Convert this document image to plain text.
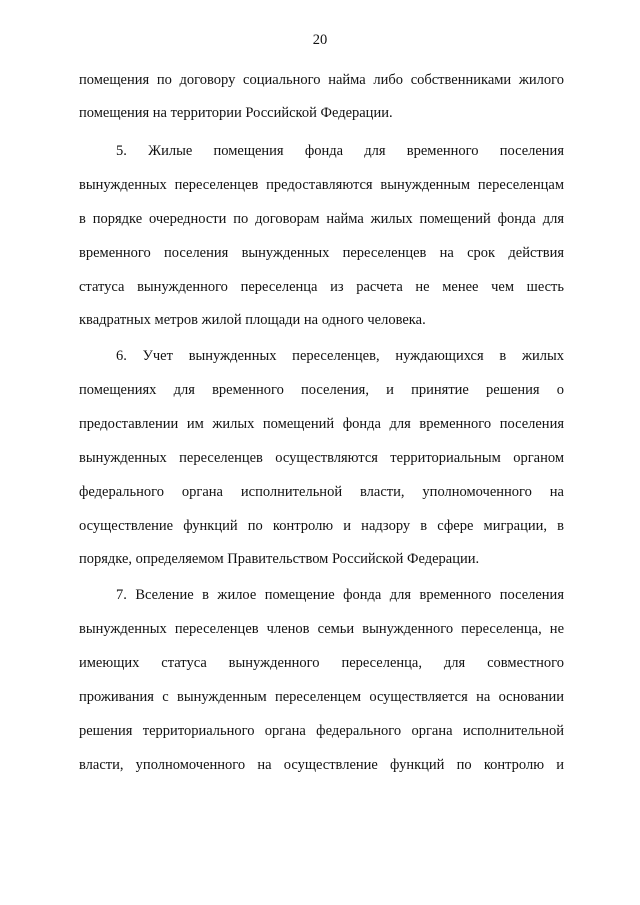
20
помещения по договору социального найма либо собственниками жилого
помещения на территории Российской Федерации.
5. Жилые помещения фонда для временного поселения
вынужденных переселенцев предоставляются вынужденным переселенцам
в порядке очередности по договорам найма жилых помещений фонда для
временного поселения вынужденных переселенцев на срок действия
статуса вынужденного переселенца из расчета не менее чем шесть
квадратных метров жилой площади на одного человека.
6. Учет вынужденных переселенцев, нуждающихся в жилых
помещениях для временного поселения, и принятие решения о
предоставлении им жилых помещений фонда для временного поселения
вынужденных переселенцев осуществляются территориальным органом
федерального органа исполнительной власти, уполномоченного на
осуществление функций по контролю и надзору в сфере миграции, в
порядке, определяемом Правительством Российской Федерации.
7. Вселение в жилое помещение фонда для временного поселения
вынужденных переселенцев членов семьи вынужденного переселенца, не
имеющих статуса вынужденного переселенца, для совместного
проживания с вынужденным переселенцем осуществляется на основании
решения территориального органа федерального органа исполнительной
власти, уполномоченного на осуществление функций по контролю и
